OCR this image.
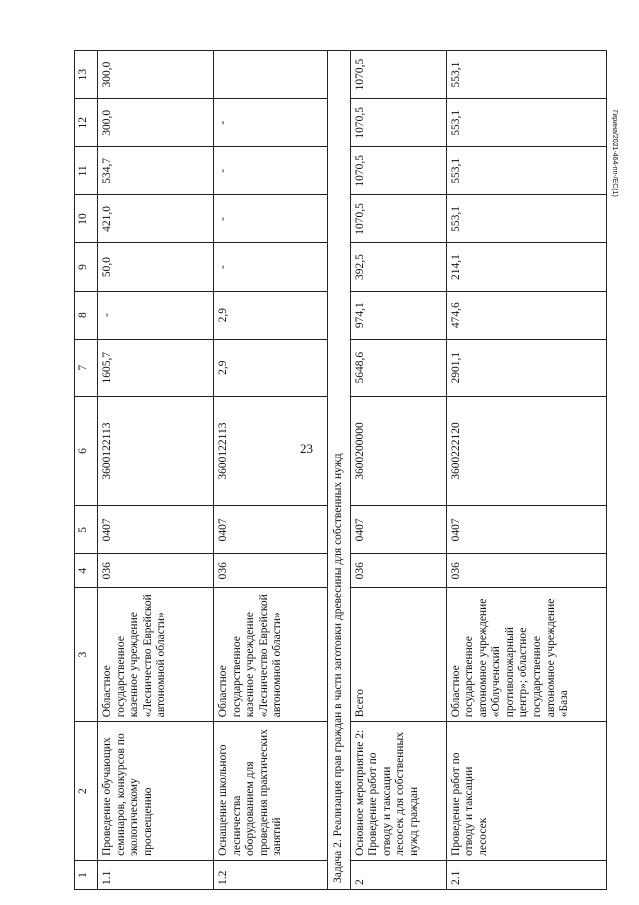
23
Гирина/2021-464-пп-/ЕС(1)
1	2	3	4	5	6	7	8	9	10	11	12	13
1.1	Проведение обучающих семинаров, конкурсов по экологическому просвещению	Областное государственное казенное учреждение «Лесничество Еврейской автономной области»	036	0407	3600122113	1605,7	-	50,0	421,0	534,7	300,0	300,0
1.2	Оснащение школьного лесничества оборудованием для проведения практических занятий	Областное государственное казенное учреждение «Лесничество Еврейской автономной области»	036	0407	3600122113	2,9	2,9	-	-	-	-	
Задача 2. Реализация прав граждан в части заготовки древесины для собственных нужд												
2	Основное мероприятие 2: Проведение работ по отводу и таксации лесосек для собственных нужд граждан	Всего	036	0407	3600200000	5648,6	974,1	392,5	1070,5	1070,5	1070,5	1070,5
2.1	Проведение работ по отводу и таксации лесосек	Областное государственное автономное учреждение «Облученский противопожарный центр»; областное государственное автономное учреждение «База	036	0407	3600222120	2901,1	474,6	214,1	553,1	553,1	553,1	553,1
